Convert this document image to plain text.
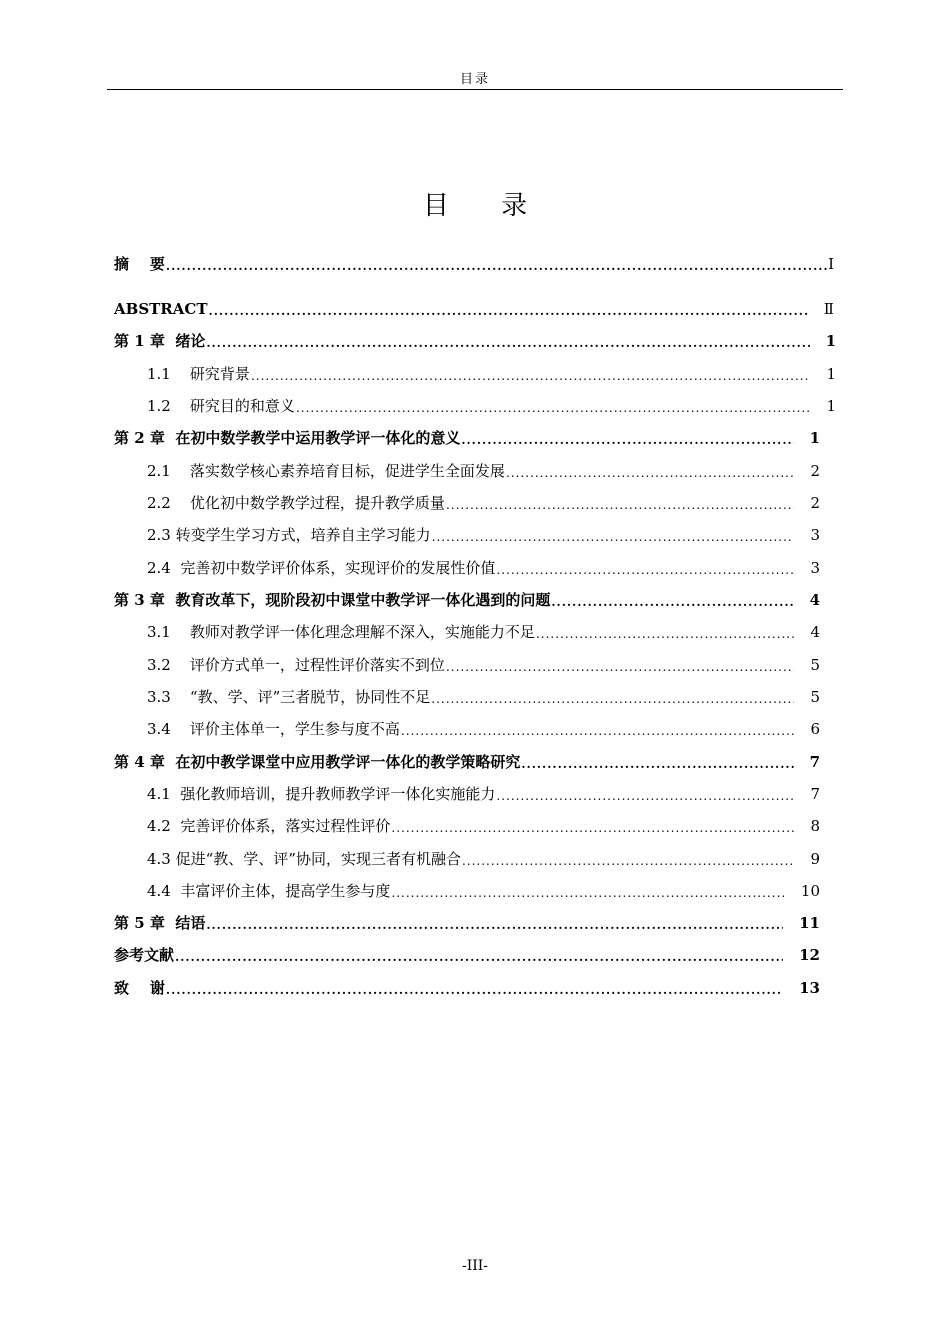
目录
目 录
摘    要 .....	Ⅰ
ABSTRACT .....	Ⅱ
第 1 章  绪论 .....	1
1.1    研究背景 .....	1
1.2    研究目的和意义 .....	1
第 2 章  在初中数学教学中运用教学评一体化的意义 .....	1
2.1    落实数学核心素养培育目标，促进学生全面发展 .....	2
2.2    优化初中数学教学过程，提升教学质量 .....	2
2.3 转变学生学习方式，培养自主学习能力 .....	3
2.4  完善初中数学评价体系，实现评价的发展性价值 .....	3
第 3 章  教育改革下，现阶段初中课堂中教学评一体化遇到的问题 .....	4
3.1    教师对教学评一体化理念理解不深入，实施能力不足 .....	4
3.2    评价方式单一，过程性评价落实不到位 .....	5
3.3    “教、学、评”三者脱节，协同性不足 .....	5
3.4    评价主体单一，学生参与度不高 .....	6
第 4 章  在初中教学课堂中应用教学评一体化的教学策略研究 .....	7
4.1  强化教师培训，提升教师教学评一体化实施能力 .....	7
4.2  完善评价体系，落实过程性评价 .....	8
4.3 促进“教、学、评”协同，实现三者有机融合 .....	9
4.4  丰富评价主体，提高学生参与度 .....	10
第 5 章  结语 .....	11
参考文献 .....	12
致    谢 .....	13
-III-
